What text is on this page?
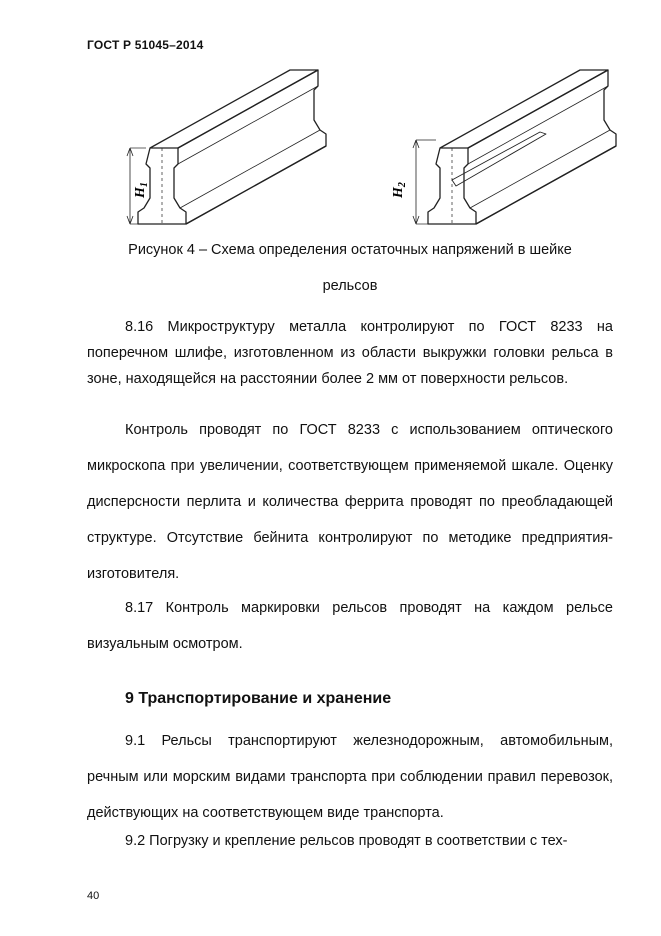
ГОСТ Р 51045–2014
$H_1$
$H_2$
Рисунок 4 – Схема определения остаточных напряжений в шейке
рельсов

8.16 Микроструктуру металла контролируют по ГОСТ 8233 на поперечном шлифе, изготовленном из области выкружки головки рельса в зоне, находящейся на расстоянии более 2 мм от поверхности рельсов.

Контроль проводят по ГОСТ 8233 с использованием оптического микроскопа при увеличении, соответствующем применяемой шкале. Оценку дисперсности перлита и количества феррита проводят по преобладающей структуре. Отсутствие бейнита контролируют по методике предприятия-изготовителя.

8.17 Контроль маркировки рельсов проводят на каждом рельсе визуальным осмотром.

9 Транспортирование и хранение

9.1 Рельсы транспортируют железнодорожным, автомобильным, речным или морским видами транспорта при соблюдении правил перевозок, действующих на соответствующем виде транспорта.

9.2 Погрузку и крепление рельсов проводят в соответствии с тех-

40
